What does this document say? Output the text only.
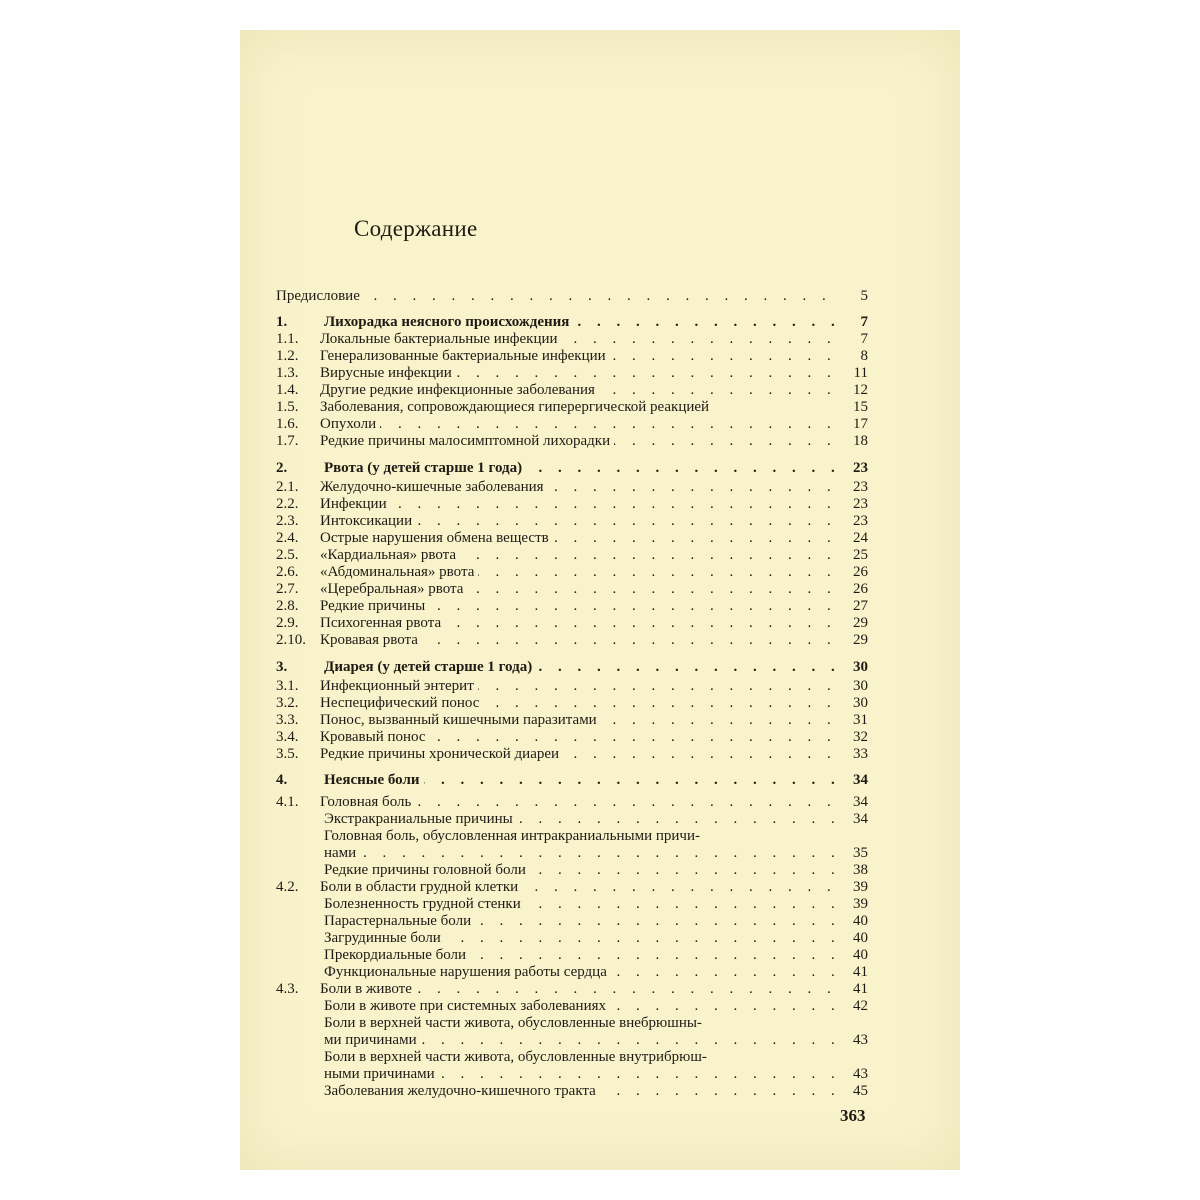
Содержание
Предисловие . . .	5
1.	Лихорадка неясного происхождения . . .	7
1.1.	Локальные бактериальные инфекции . . .	7
1.2.	Генерализованные бактериальные инфекции . . .	8
1.3.	Вирусные инфекции . . .	11
1.4.	Другие редкие инфекционные заболевания . . .	12
1.5.	Заболевания, сопровождающиеся гиперергической реакцией	15
1.6.	Опухоли . . .	17
1.7.	Редкие причины малосимптомной лихорадки . . .	18
2.	Рвота (у детей старше 1 года) . . .	23
2.1.	Желудочно-кишечные заболевания . . .	23
2.2.	Инфекции . . .	23
2.3.	Интоксикации . . .	23
2.4.	Острые нарушения обмена веществ . . .	24
2.5.	«Кардиальная» рвота . . .	25
2.6.	«Абдоминальная» рвота . . .	26
2.7.	«Церебральная» рвота . . .	26
2.8.	Редкие причины . . .	27
2.9.	Психогенная рвота . . .	29
2.10. Кровавая рвота . . .	29
3.	Диарея (у детей старше 1 года) . . .	30
3.1.	Инфекционный энтерит . . .	30
3.2.	Неспецифический понос . . .	30
3.3.	Понос, вызванный кишечными паразитами . . .	31
3.4.	Кровавый понос . . .	32
3.5.	Редкие причины хронической диареи . . .	33
4.	Неясные боли . . .	34
4.1.	Головная боль . . .	34
Экстракраниальные причины . . .	34
Головная боль, обусловленная интракраниальными причи-
нами . . .	35
Редкие причины головной боли . . .	38
4.2.	Боли в области грудной клетки . . .	39
Болезненность грудной стенки . . .	39
Парастернальные боли . . .	40
Загрудинные боли . . .	40
Прекордиальные боли . . .	40
Функциональные нарушения работы сердца . . .	41
4.3.	Боли в животе . . .	41
Боли в животе при системных заболеваниях . . .	42
Боли в верхней части живота, обусловленные внебрюшны-
ми причинами . . .	43
Боли в верхней части живота, обусловленные внутрибрюш-
ными причинами . . .	43
Заболевания желудочно-кишечного тракта . . .	45
363
